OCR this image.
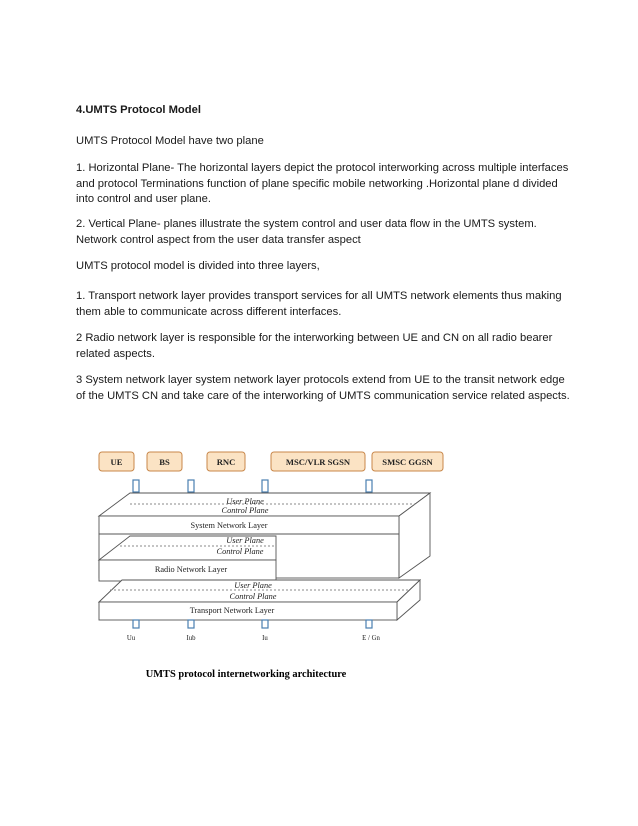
4.UMTS Protocol Model
UMTS Protocol Model have two plane
1. Horizontal Plane- The horizontal layers depict the protocol interworking across multiple interfaces and protocol Terminations function of plane specific mobile networking .Horizontal plane d divided into control and user plane.
2. Vertical Plane- planes illustrate the system control and user data flow in the UMTS system. Network control aspect from the user data transfer aspect
UMTS protocol model is divided into three layers,
1. Transport network layer provides transport services for all UMTS network elements thus making them able to communicate across different interfaces.
2 Radio network layer is responsible for the interworking between UE and CN on all radio bearer related aspects.
3 System network layer system network layer protocols extend from UE to the transit network edge of the UMTS CN and take care of the interworking of UMTS communication service related aspects.
UE	BS	RNC	MSC/VLR SGSN	SMSC GGSN
User Plane
Control Plane
System Network Layer
User Plane
Control Plane
Radio Network Layer
User Plane
Control Plane
Transport Network Layer
Uu	Iub	Iu	E / Gn
UMTS protocol internetworking architecture
